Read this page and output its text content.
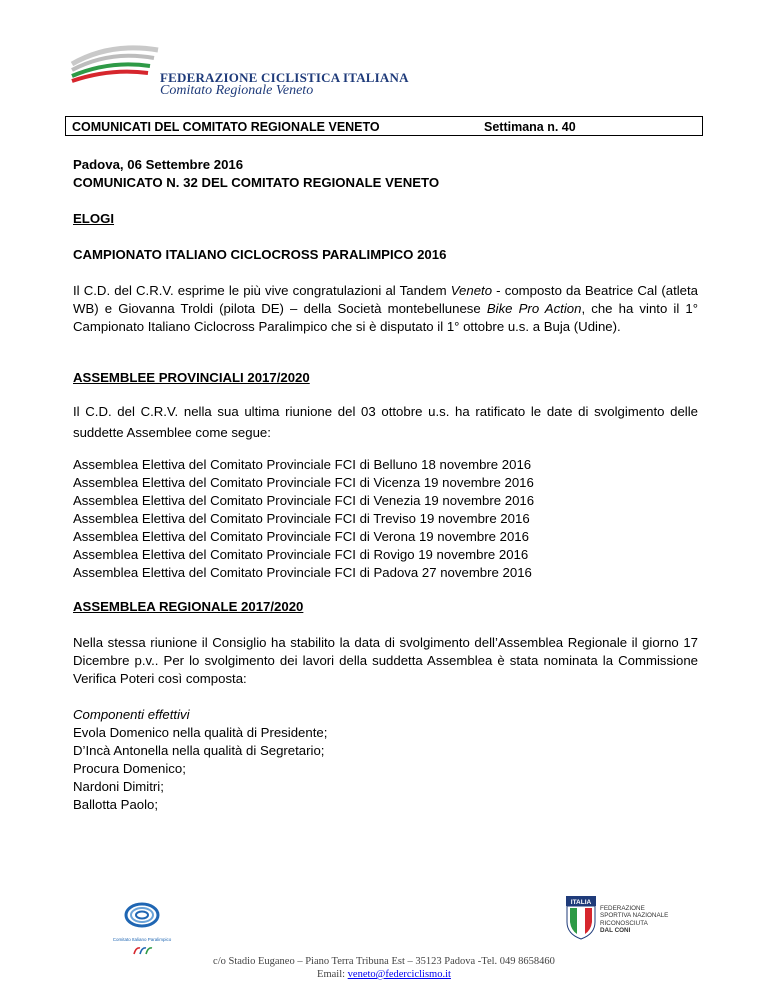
FEDERAZIONE CICLISTICA ITALIANA
Comitato Regionale Veneto
COMUNICATI DEL COMITATO REGIONALE VENETO	Settimana n. 40

Padova, 06 Settembre 2016

COMUNICATO N. 32 DEL COMITATO REGIONALE VENETO

ELOGI

CAMPIONATO ITALIANO CICLOCROSS PARALIMPICO 2016

Il C.D. del C.R.V. esprime le più vive congratulazioni al Tandem Veneto - composto da Beatrice Cal (atleta WB) e Giovanna Troldi (pilota DE) – della Società montebellunese Bike Pro Action, che ha vinto il 1° Campionato Italiano Ciclocross Paralimpico che si è disputato il 1° ottobre u.s. a Buja (Udine).

ASSEMBLEE PROVINCIALI 2017/2020

Il C.D. del C.R.V. nella sua ultima riunione del 03 ottobre u.s. ha ratificato le date di svolgimento delle suddette Assemblee come segue:

Assemblea Elettiva del Comitato Provinciale FCI di Belluno 18 novembre 2016

Assemblea Elettiva del Comitato Provinciale FCI di Vicenza 19 novembre 2016

Assemblea Elettiva del Comitato Provinciale FCI di Venezia 19 novembre 2016

Assemblea Elettiva del Comitato Provinciale FCI di Treviso 19 novembre 2016

Assemblea Elettiva del Comitato Provinciale FCI di Verona 19 novembre 2016

Assemblea Elettiva del Comitato Provinciale FCI di Rovigo 19 novembre 2016

Assemblea Elettiva del Comitato Provinciale FCI di Padova 27 novembre 2016

ASSEMBLEA REGIONALE 2017/2020

Nella stessa riunione il Consiglio ha stabilito la data di svolgimento dell’Assemblea Regionale il giorno 17 Dicembre p.v.. Per lo svolgimento dei lavori della suddetta Assemblea è stata nominata la Commissione Verifica Poteri così composta:

Componenti effettivi

Evola Domenico nella qualità di Presidente;

D’Incà Antonella nella qualità di Segretario;

Procura Domenico;

Nardoni Dimitri;

Ballotta Paolo;

Comitato Italiano Paralimpico
ITALIA
FEDERAZIONE
SPORTIVA NAZIONALE
RICONOSCIUTA
DAL CONI
c/o Stadio Euganeo – Piano Terra Tribuna Est – 35123 Padova -Tel. 049 8658460
Email: veneto@federciclismo.it
